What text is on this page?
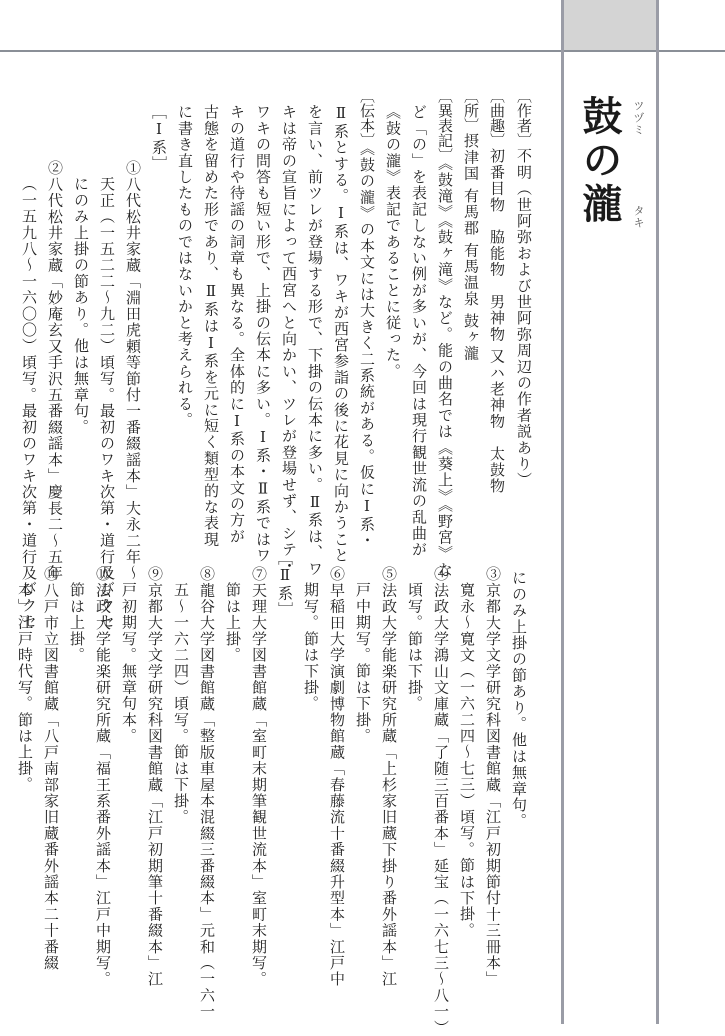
鼓の瀧 ツヅミ
タキ
〔作者〕不明（世阿弥および世阿弥周辺の作者説あり）
〔曲趣〕初番目物　脇能物　男神物 又ハ老神物　太鼓物
〔所〕摂津国 有馬郡 有馬温泉 鼓ヶ瀧
〔異表記〕《鼓滝》《鼓ヶ滝》など。能の曲名では《葵上》《野宮》な
ど「の」を表記しない例が多いが、今回は現行観世流の乱曲が
《鼓の瀧》表記であることに従った。
〔伝本〕《鼓の瀧》の本文には大きく二系統がある。仮にⅠ系・
Ⅱ系とする。Ⅰ系は、ワキが西宮参詣の後に花見に向かうこと
を言い、前ツレが登場する形で、下掛の伝本に多い。Ⅱ系は、ワ
キは帝の宣旨によって西宮へと向かい、ツレが登場せず、シテ・
ワキの問答も短い形で、上掛の伝本に多い。Ⅰ系・Ⅱ系ではワ
キの道行や待謡の詞章も異なる。全体的にⅠ系の本文の方が
古態を留めた形であり、Ⅱ系はⅠ系を元に短く類型的な表現
に書き直したものではないかと考えられる。
［Ⅰ系］
①八代松井家蔵「淵田虎頼等節付一番綴謡本」大永二年～
天正（一五二二～九二）頃写。最初のワキ次第・道行及びクセ
にのみ上掛の節あり。他は無章句。
②八代松井家蔵「妙庵玄又手沢五番綴謡本」慶長二～五年
（一五九八～一六〇〇）頃写。最初のワキ次第・道行及びクセ
にのみ上掛の節あり。他は無章句。
③京都大学文学研究科図書館蔵「江戸初期節付十三冊本」
寛永～寛文（一六二四～七三）頃写。節は下掛。
④法政大学鴻山文庫蔵「了随三百番本」延宝（一六七三～八一）
頃写。節は下掛。
⑤法政大学能楽研究所蔵「上杉家旧蔵下掛り番外謡本」江
戸中期写。節は下掛。
⑥早稲田大学演劇博物館蔵「春藤流十番綴升型本」江戸中
期写。節は下掛。
［Ⅱ系］
⑦天理大学図書館蔵「室町末期筆観世流本」室町末期写。
節は上掛。
⑧龍谷大学図書館蔵「整版車屋本混綴三番綴本」元和（一六一
五～一六二四）頃写。節は下掛。
⑨京都大学文学研究科図書館蔵「江戸初期筆十番綴本」江
戸初期写。無章句本。
⑩法政大学能楽研究所蔵「福王系番外謡本」江戸中期写。
節は上掛。
⑪八戸市立図書館蔵「八戸南部家旧蔵番外謡本二十番綴
本」江戸時代写。節は上掛。
